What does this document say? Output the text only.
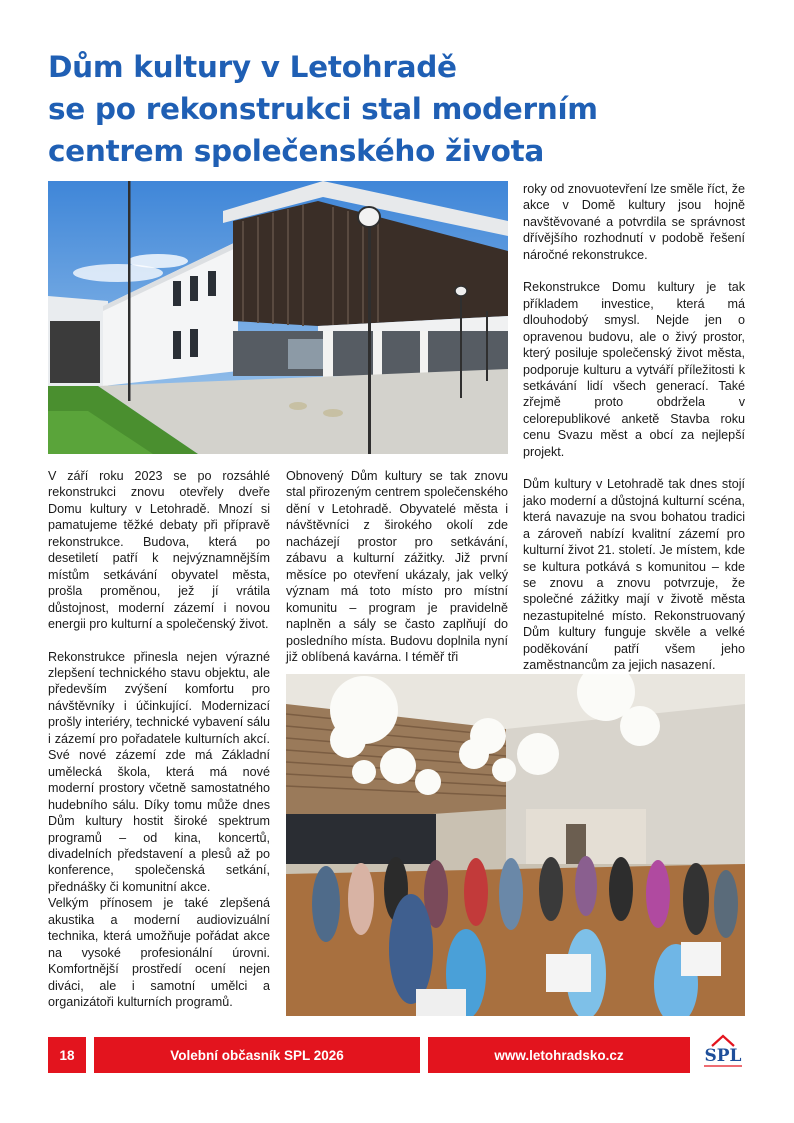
Dům kultury v Letohradě
se po rekonstrukci stal moderním
centrem společenského života

V září roku 2023 se po rozsáhlé rekonstrukci znovu otevřely dveře Domu kultury v Letohradě. Mnozí si pamatujeme těžké debaty při přípravě rekonstrukce. Budova, která po desetiletí patří k nejvýznamnějším místům setkávání obyvatel města, prošla proměnou, jež jí vrátila důstojnost, moderní zázemí i novou energii pro kulturní a společenský život.

Rekonstrukce přinesla nejen výrazné zlepšení technického stavu objektu, ale především zvýšení komfortu pro návštěvníky i účinkující. Modernizací prošly interiéry, technické vybavení sálu i zázemí pro pořadatele kulturních akcí. Své nové zázemí zde má Základní umělecká škola, která má nové moderní prostory včetně samostatného hudebního sálu. Díky tomu může dnes Dům kultury hostit široké spektrum programů – od kina, koncertů, divadelních představení a plesů až po konference, společenská setkání, přednášky či komunitní akce.

Velkým přínosem je také zlepšená akustika a moderní audiovizuální technika, která umožňuje pořádat akce na vysoké profesionální úrovni. Komfortnější prostředí ocení nejen diváci, ale i samotní umělci a organizátoři kulturních programů.

Obnovený Dům kultury se tak znovu stal přirozeným centrem společenského dění v Letohradě. Obyvatelé města i návštěvníci z širokého okolí zde nacházejí prostor pro setkávání, zábavu a kulturní zážitky. Již první měsíce po otevření ukázaly, jak velký význam má toto místo pro místní komunitu – program je pravidelně naplněn a sály se často zaplňují do posledního místa. Budovu doplnila nyní již oblíbená kavárna. I téměř tři

roky od znovuotevření lze směle říct, že akce v Domě kultury jsou hojně navštěvované a potvrdila se správnost dřívějšího rozhodnutí v podobě řešení náročné rekonstrukce.

Rekonstrukce Domu kultury je tak příkladem investice, která má dlouhodobý smysl. Nejde jen o opravenou budovu, ale o živý prostor, který posiluje společenský život města, podporuje kulturu a vytváří příležitosti k setkávání lidí všech generací. Také zřejmě proto obdržela v celorepublikové anketě Stavba roku cenu Svazu měst a obcí za nejlepší projekt.

Dům kultury v Letohradě tak dnes stojí jako moderní a důstojná kulturní scéna, která navazuje na svou bohatou tradici a zároveň nabízí kvalitní zázemí pro kulturní život 21. století. Je místem, kde se kultura potkává s komunitou – kde se znovu a znovu potvrzuje, že společné zážitky mají v životě města nezastupitelné místo. Rekonstruovaný Dům kultury funguje skvěle a velké poděkování patří všem jeho zaměstnancům za jejich nasazení.

18	Volební občasník SPL 2026	www.letohradsko.cz	SPL
